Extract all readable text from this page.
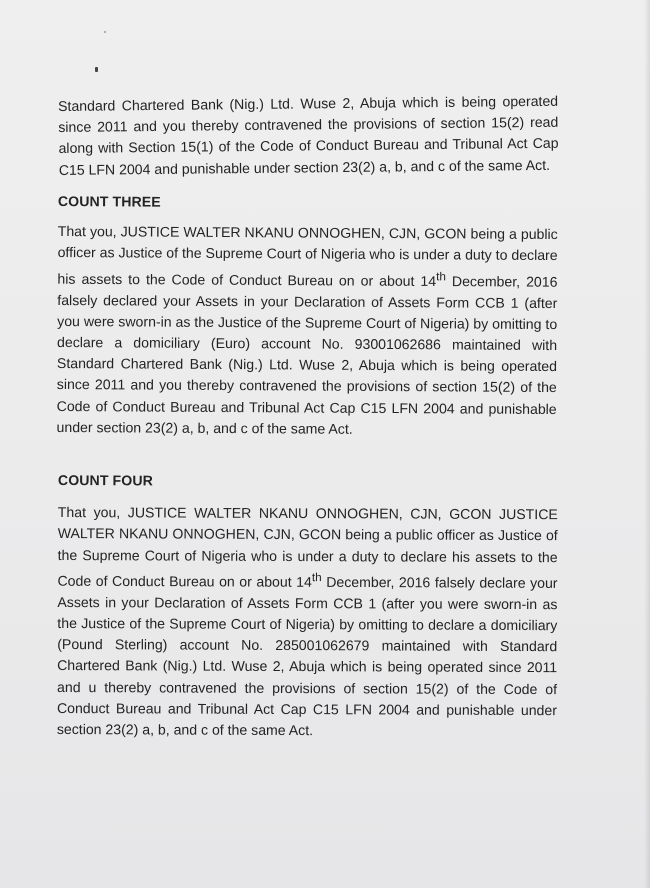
Standard Chartered Bank (Nig.) Ltd. Wuse 2, Abuja which is being operated since 2011 and you thereby contravened the provisions of section 15(2) read along with Section 15(1) of the Code of Conduct Bureau and Tribunal Act Cap C15 LFN 2004 and punishable under section 23(2) a, b, and c of the same Act.

COUNT THREE

That you, JUSTICE WALTER NKANU ONNOGHEN, CJN, GCON being a public officer as Justice of the Supreme Court of Nigeria who is under a duty to declare his assets to the Code of Conduct Bureau on or about 14th December, 2016 falsely declared your Assets in your Declaration of Assets Form CCB 1 (after you were sworn-in as the Justice of the Supreme Court of Nigeria) by omitting to declare a domiciliary (Euro) account No. 93001062686 maintained with Standard Chartered Bank (Nig.) Ltd. Wuse 2, Abuja which is being operated since 2011 and you thereby contravened the provisions of section 15(2) of the Code of Conduct Bureau and Tribunal Act Cap C15 LFN 2004 and punishable under section 23(2) a, b, and c of the same Act.

COUNT FOUR

That you, JUSTICE WALTER NKANU ONNOGHEN, CJN, GCON JUSTICE WALTER NKANU ONNOGHEN, CJN, GCON being a public officer as Justice of the Supreme Court of Nigeria who is under a duty to declare his assets to the Code of Conduct Bureau on or about 14th December, 2016 falsely declare your Assets in your Declaration of Assets Form CCB 1 (after you were sworn-in as the Justice of the Supreme Court of Nigeria) by omitting to declare a domiciliary (Pound Sterling) account No. 285001062679 maintained with Standard Chartered Bank (Nig.) Ltd. Wuse 2, Abuja which is being operated since 2011 and u thereby contravened the provisions of section 15(2) of the Code of Conduct Bureau and Tribunal Act Cap C15 LFN 2004 and punishable under section 23(2) a, b, and c of the same Act.
